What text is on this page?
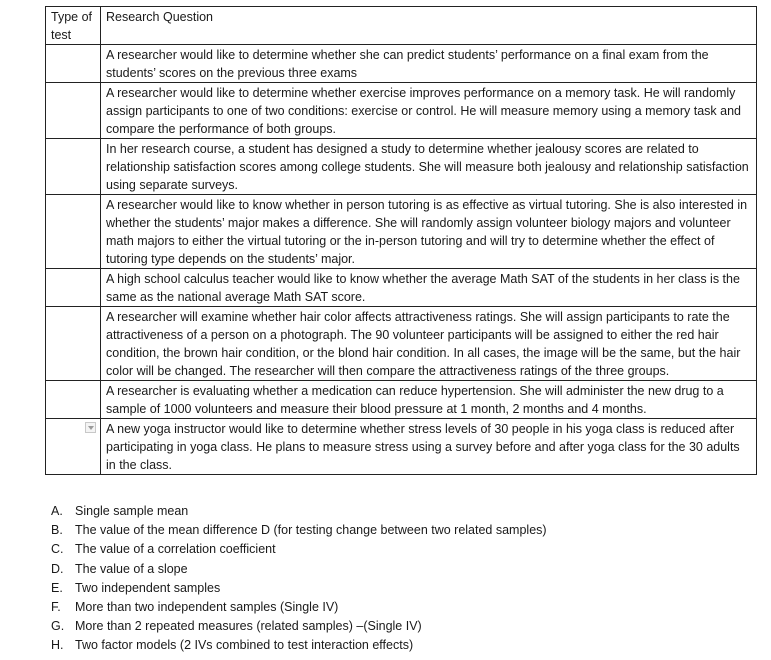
Type of test	Research Question
	A researcher would like to determine whether she can predict students’ performance on a final exam from the students’ scores on the previous three exams
	A researcher would like to determine whether exercise improves performance on a memory task. He will randomly assign participants to one of two conditions: exercise or control. He will measure memory using a memory task and compare the performance of both groups.
	In her research course, a student has designed a study to determine whether jealousy scores are related to relationship satisfaction scores among college students. She will measure both jealousy and relationship satisfaction using separate surveys.
	A researcher would like to know whether in person tutoring is as effective as virtual tutoring. She is also interested in whether the students’ major makes a difference. She will randomly assign volunteer biology majors and volunteer math majors to either the virtual tutoring or the in-person tutoring and will try to determine whether the effect of tutoring type depends on the students’ major.
	A high school calculus teacher would like to know whether the average Math SAT of the students in her class is the same as the national average Math SAT score.
	A researcher will examine whether hair color affects attractiveness ratings. She will assign participants to rate the attractiveness of a person on a photograph. The 90 volunteer participants will be assigned to either the red hair condition, the brown hair condition, or the blond hair condition. In all cases, the image will be the same, but the hair color will be changed. The researcher will then compare the attractiveness ratings of the three groups.
	A researcher is evaluating whether a medication can reduce hypertension. She will administer the new drug to a sample of 1000 volunteers and measure their blood pressure at 1 month, 2 months and 4 months.

	A new yoga instructor would like to determine whether stress levels of 30 people in his yoga class is reduced after participating in yoga class. He plans to measure stress using a survey before and after yoga class for the 30 adults in the class.
A. Single sample mean
B. The value of the mean difference D (for testing change between two related samples)
C. The value of a correlation coefficient
D. The value of a slope
E. Two independent samples
F. More than two independent samples (Single IV)
G. More than 2 repeated measures (related samples) –(Single IV)
H. Two factor models (2 IVs combined to test interaction effects)
